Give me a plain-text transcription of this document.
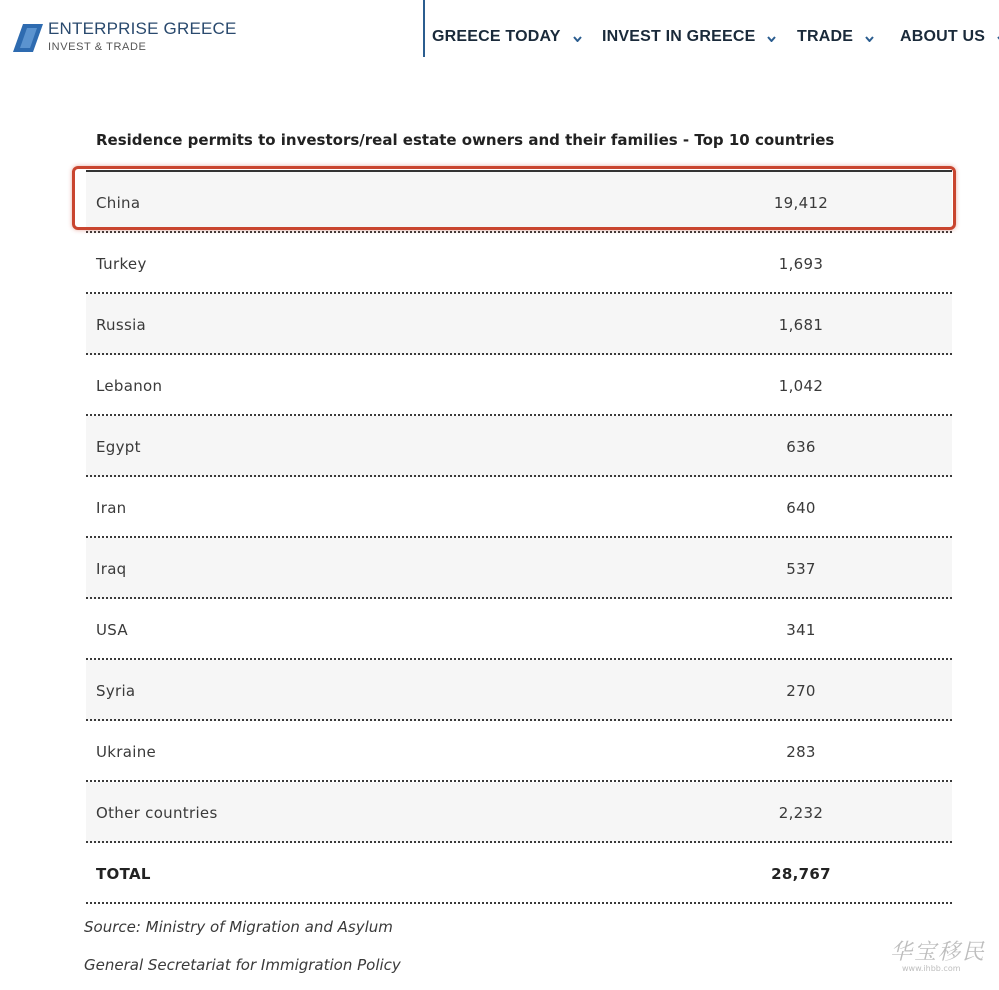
ENTERPRISE GREECE
INVEST & TRADE
GREECE TODAY	INVEST IN GREECE	TRADE	ABOUT US
Residence permits to investors/real estate owners and their families - Top 10 countries
China	19,412
Turkey	1,693
Russia	1,681
Lebanon	1,042
Egypt	636
Iran	640
Iraq	537
USA	341
Syria	270
Ukraine	283
Other countries	2,232
TOTAL	28,767
Source: Ministry of Migration and Asylum
General Secretariat for Immigration Policy	华宝移民
www.ihbb.com
